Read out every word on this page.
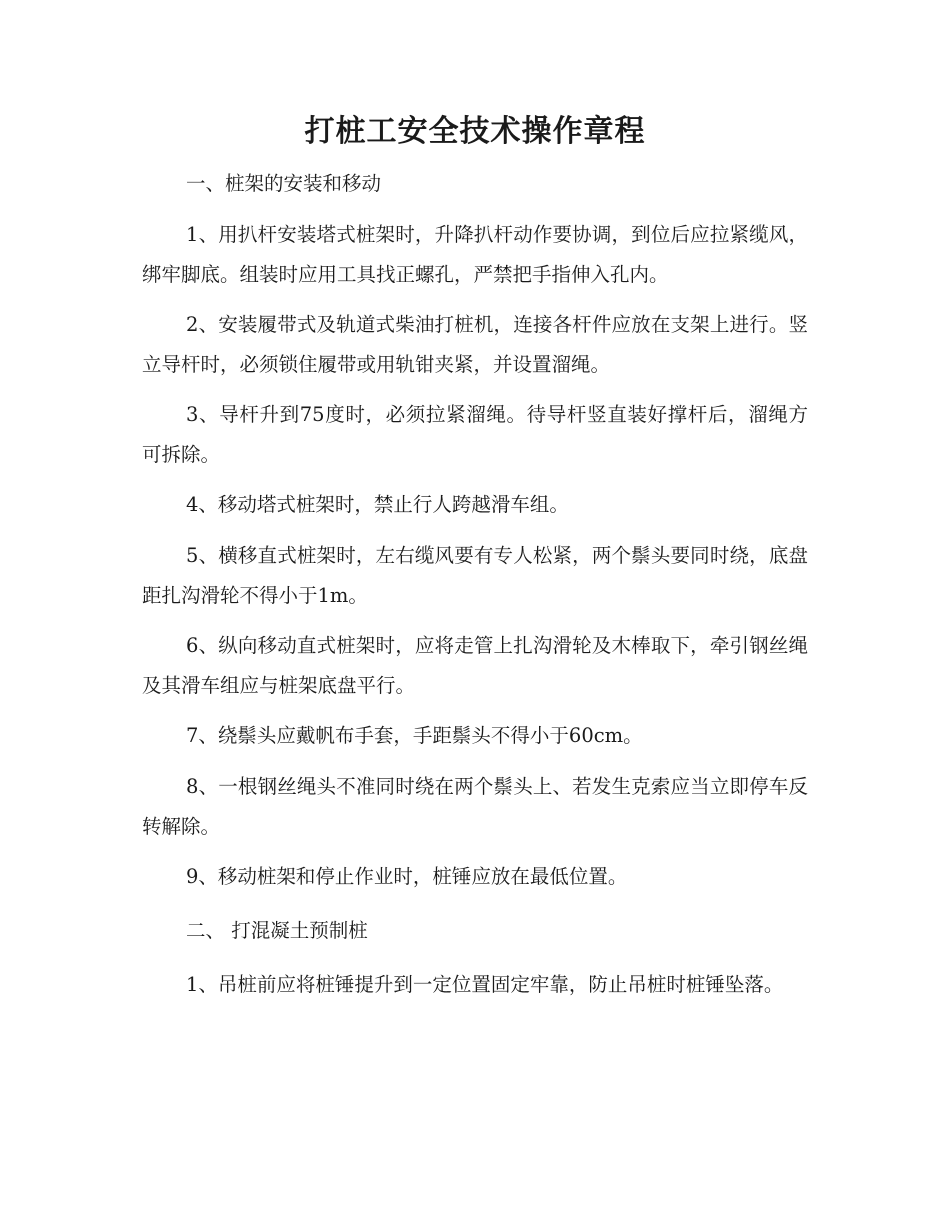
打桩工安全技术操作章程

一、桩架的安装和移动

1、用扒杆安装塔式桩架时，升降扒杆动作要协调，到位后应拉紧缆风，绑牢脚底。组装时应用工具找正螺孔，严禁把手指伸入孔内。

2、安装履带式及轨道式柴油打桩机，连接各杆件应放在支架上进行。竖立导杆时，必须锁住履带或用轨钳夹紧，并设置溜绳。

3、导杆升到75度时，必须拉紧溜绳。待导杆竖直装好撑杆后，溜绳方可拆除。

4、移动塔式桩架时，禁止行人跨越滑车组。

5、横移直式桩架时，左右缆风要有专人松紧，两个鬃头要同时绕，底盘距扎沟滑轮不得小于1m。

6、纵向移动直式桩架时，应将走管上扎沟滑轮及木棒取下，牵引钢丝绳及其滑车组应与桩架底盘平行。

7、绕鬃头应戴帆布手套，手距鬃头不得小于60cm。

8、一根钢丝绳头不准同时绕在两个鬃头上、若发生克索应当立即停车反转解除。

9、移动桩架和停止作业时，桩锤应放在最低位置。

二、 打混凝土预制桩

1、吊桩前应将桩锤提升到一定位置固定牢靠，防止吊桩时桩锤坠落。
